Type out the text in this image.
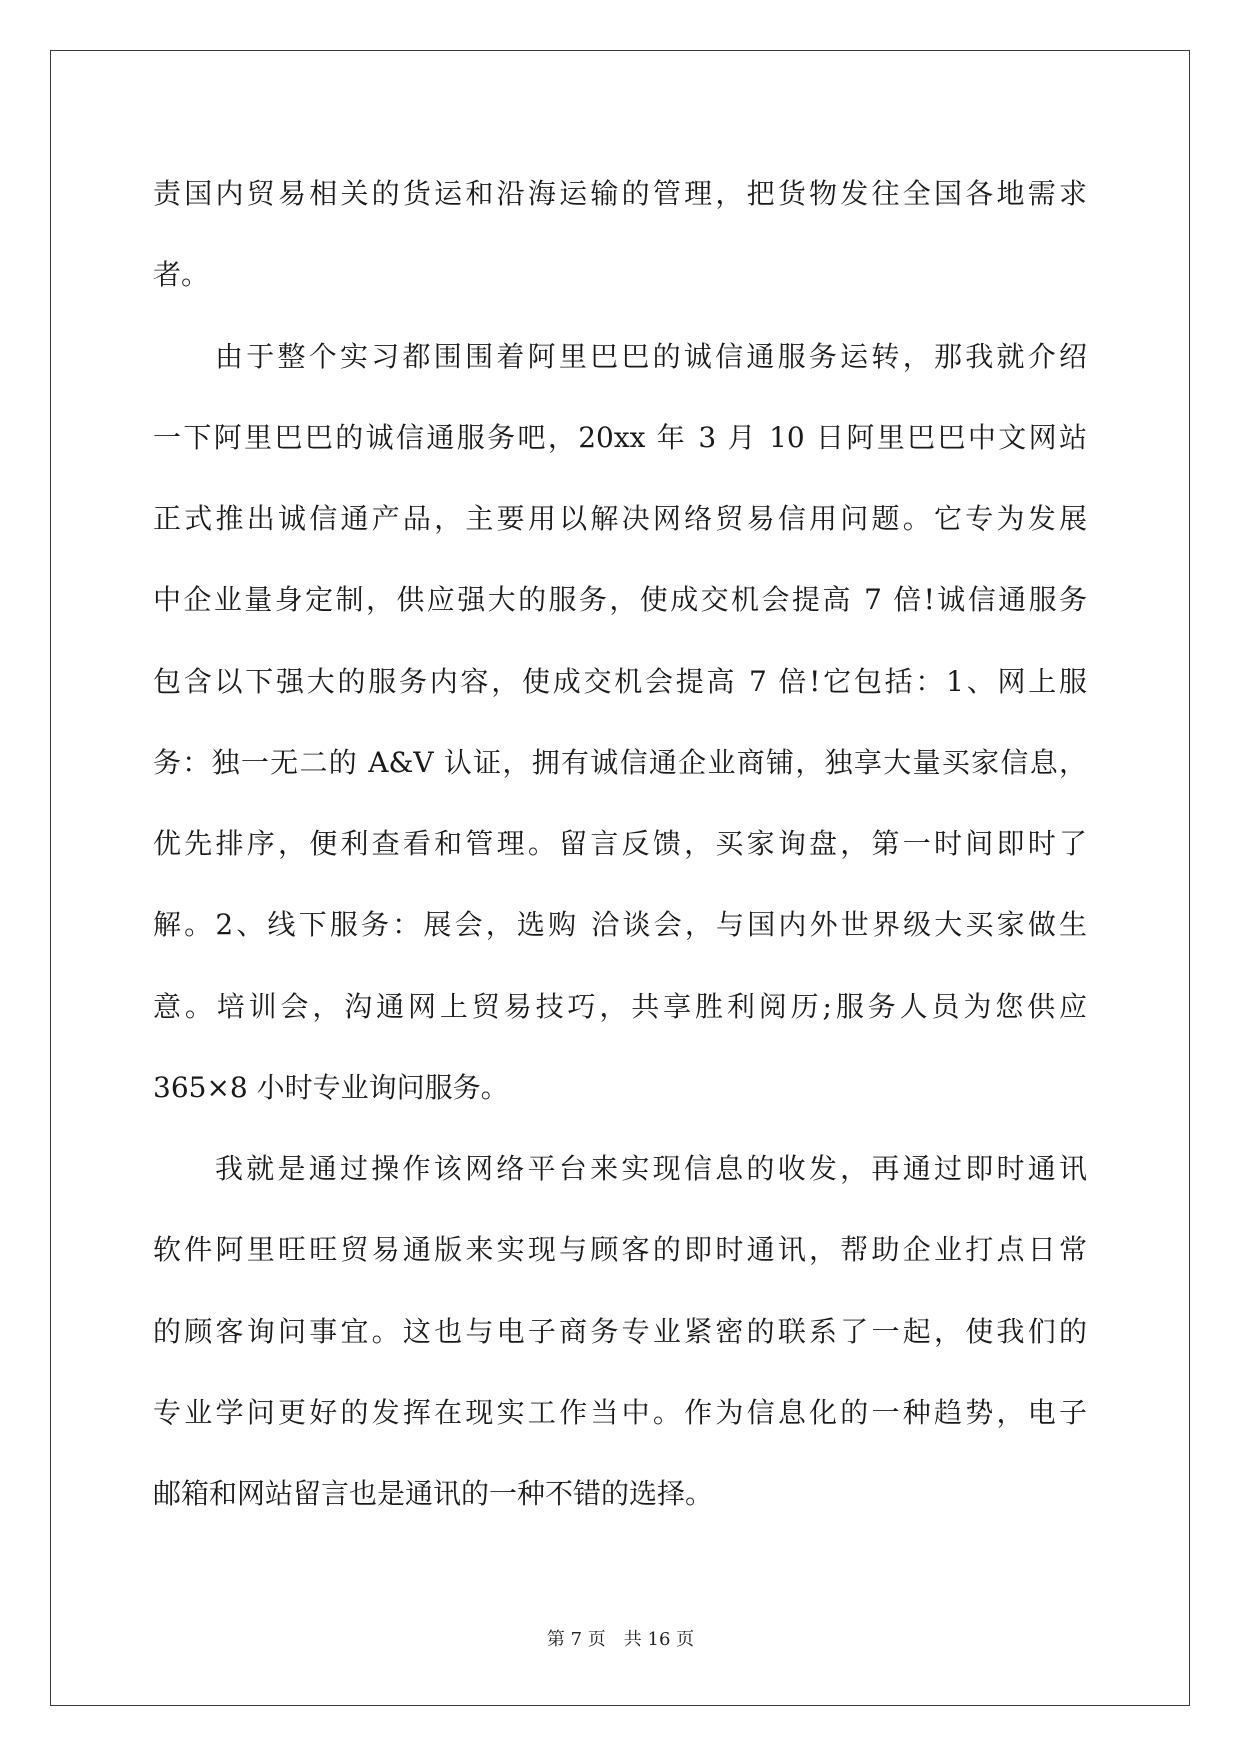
责国内贸易相关的货运和沿海运输的管理，把货物发往全国各地需求
者。
由于整个实习都围围着阿里巴巴的诚信通服务运转，那我就介绍
一下阿里巴巴的诚信通服务吧，20xx 年 3 月 10 日阿里巴巴中文网站
正式推出诚信通产品，主要用以解决网络贸易信用问题。它专为发展
中企业量身定制，供应强大的服务，使成交机会提高 7 倍!诚信通服务
包含以下强大的服务内容，使成交机会提高 7 倍!它包括：1、网上服
务：独一无二的 A&V 认证，拥有诚信通企业商铺，独享大量买家信息，
优先排序，便利查看和管理。留言反馈，买家询盘，第一时间即时了
解。2、线下服务：展会，选购 洽谈会，与国内外世界级大买家做生
意。培训会，沟通网上贸易技巧，共享胜利阅历;服务人员为您供应
365×8 小时专业询问服务。
我就是通过操作该网络平台来实现信息的收发，再通过即时通讯
软件阿里旺旺贸易通版来实现与顾客的即时通讯，帮助企业打点日常
的顾客询问事宜。这也与电子商务专业紧密的联系了一起，使我们的
专业学问更好的发挥在现实工作当中。作为信息化的一种趋势，电子
邮箱和网站留言也是通讯的一种不错的选择。
第 7 页　共 16 页
